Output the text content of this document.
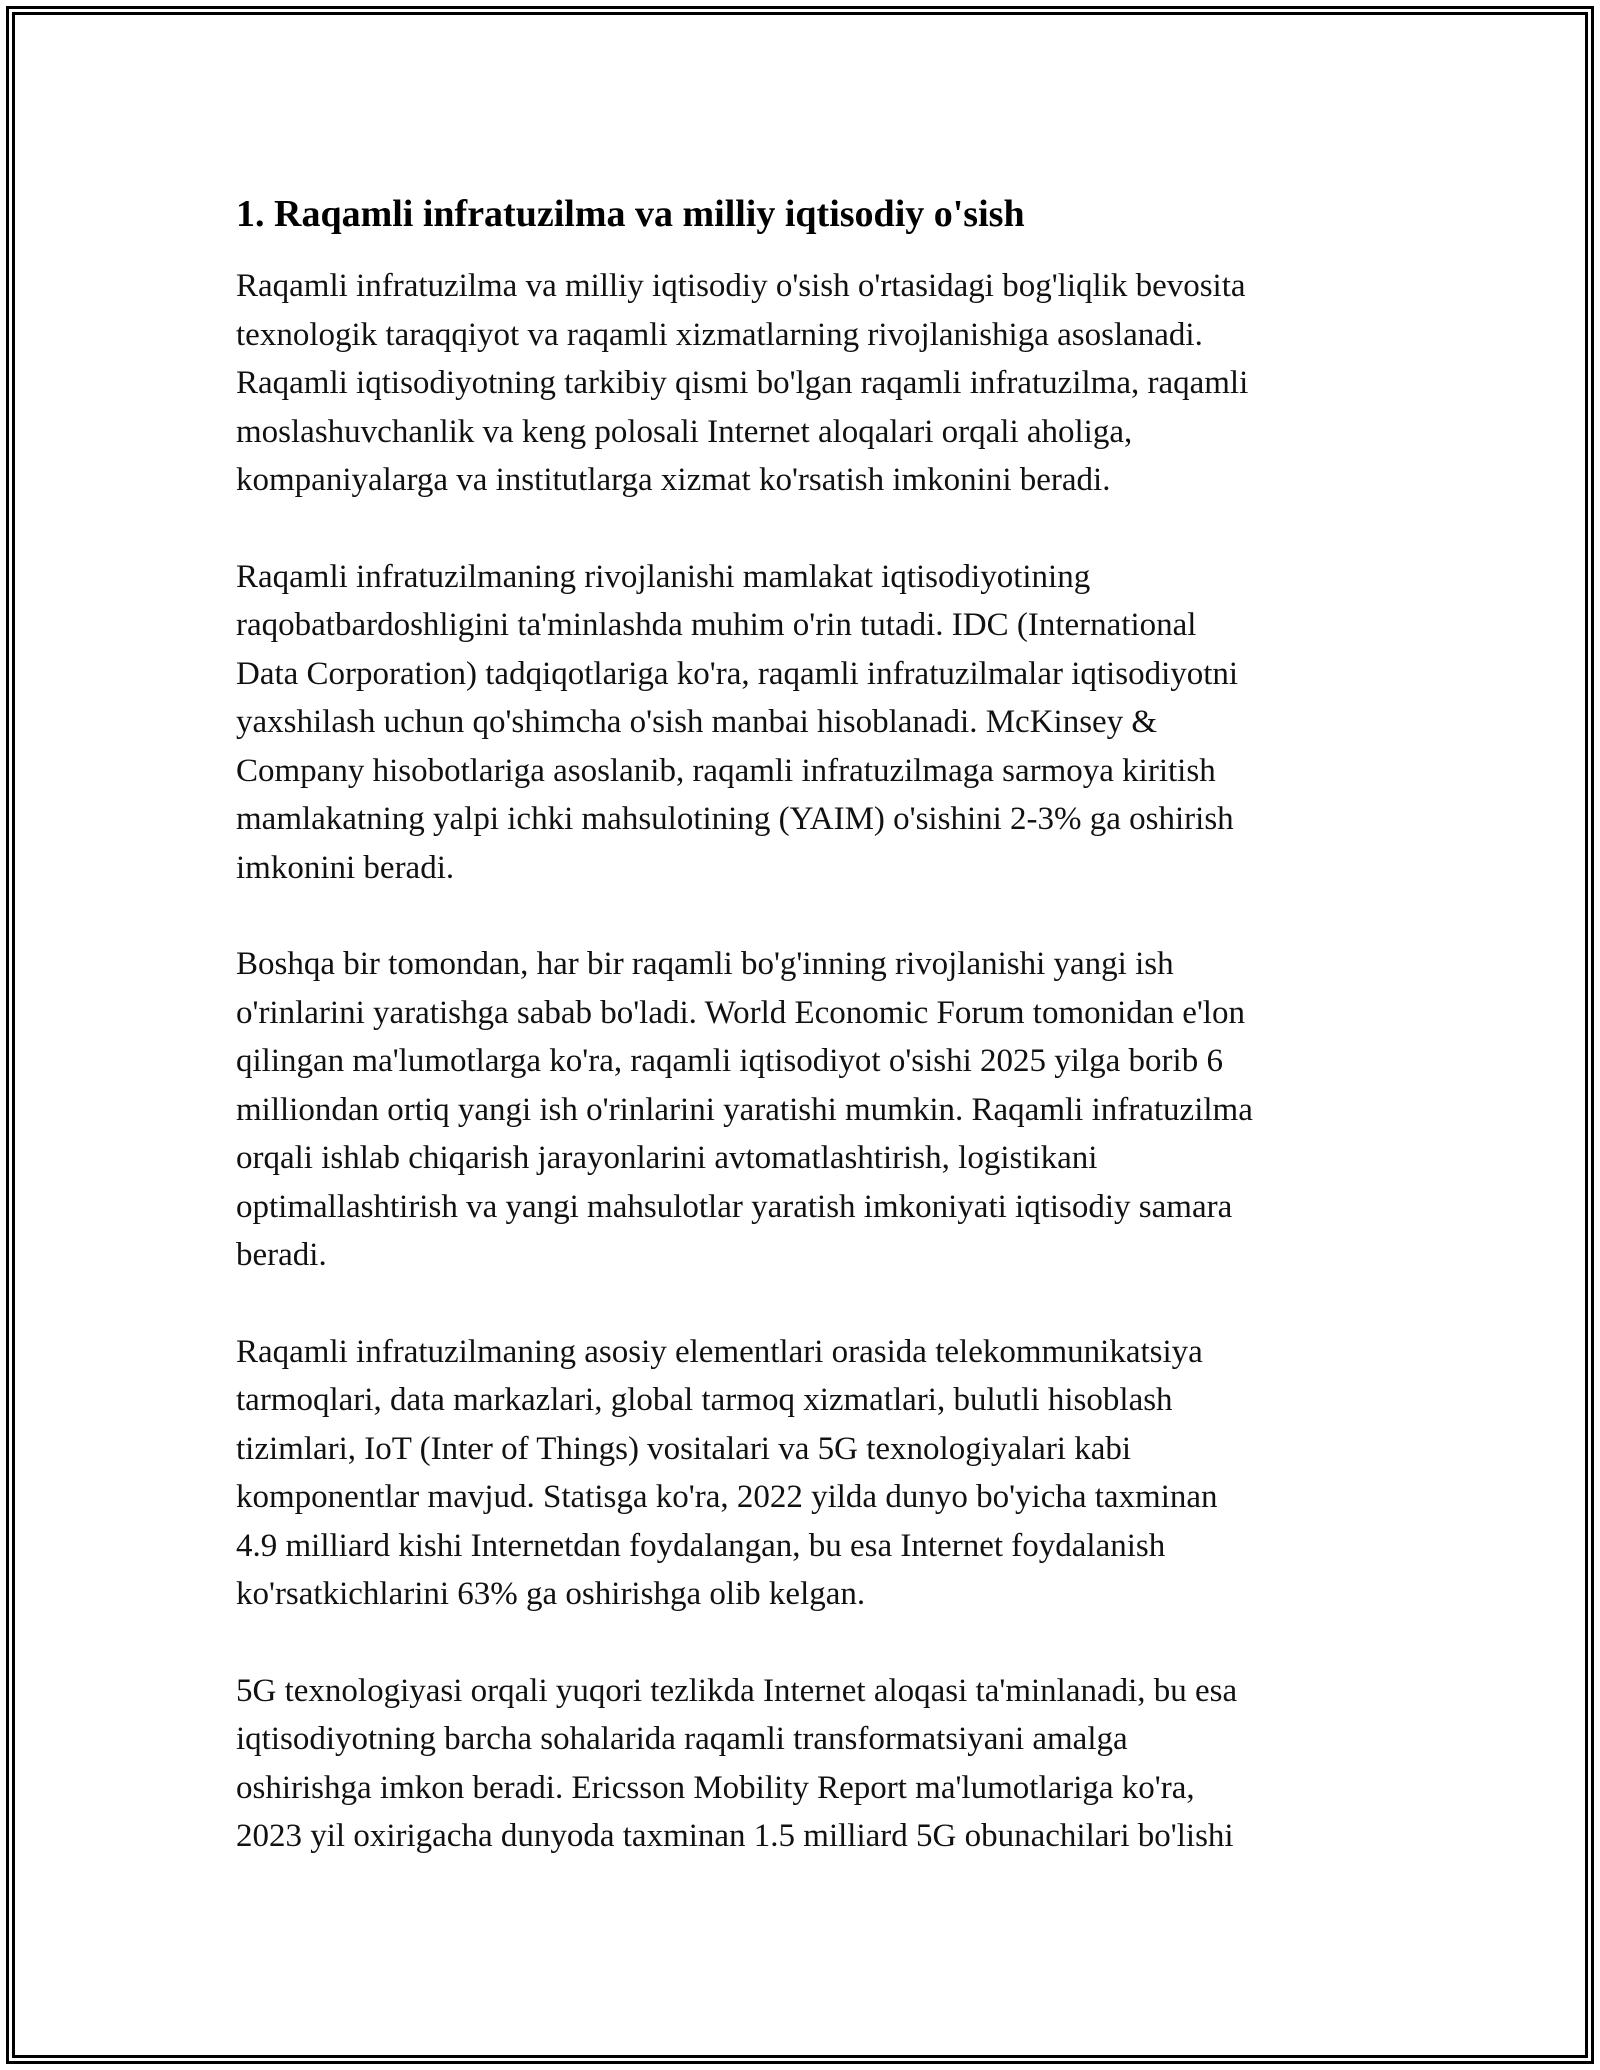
1. Raqamli infratuzilma va milliy iqtisodiy o'sish

Raqamli infratuzilma va milliy iqtisodiy o'sish o'rtasidagi bog'liqlik bevosita
texnologik taraqqiyot va raqamli xizmatlarning rivojlanishiga asoslanadi.
Raqamli iqtisodiyotning tarkibiy qismi bo'lgan raqamli infratuzilma, raqamli
moslashuvchanlik va keng polosali Internet aloqalari orqali aholiga,
kompaniyalarga va institutlarga xizmat ko'rsatish imkonini beradi.

Raqamli infratuzilmaning rivojlanishi mamlakat iqtisodiyotining
raqobatbardoshligini ta'minlashda muhim o'rin tutadi. IDC (International
Data Corporation) tadqiqotlariga ko'ra, raqamli infratuzilmalar iqtisodiyotni
yaxshilash uchun qo'shimcha o'sish manbai hisoblanadi. McKinsey &
Company hisobotlariga asoslanib, raqamli infratuzilmaga sarmoya kiritish
mamlakatning yalpi ichki mahsulotining (YAIM) o'sishini 2-3% ga oshirish
imkonini beradi.

Boshqa bir tomondan, har bir raqamli bo'g'inning rivojlanishi yangi ish
o'rinlarini yaratishga sabab bo'ladi. World Economic Forum tomonidan e'lon
qilingan ma'lumotlarga ko'ra, raqamli iqtisodiyot o'sishi 2025 yilga borib 6
milliondan ortiq yangi ish o'rinlarini yaratishi mumkin. Raqamli infratuzilma
orqali ishlab chiqarish jarayonlarini avtomatlashtirish, logistikani
optimallashtirish va yangi mahsulotlar yaratish imkoniyati iqtisodiy samara
beradi.

Raqamli infratuzilmaning asosiy elementlari orasida telekommunikatsiya
tarmoqlari, data markazlari, global tarmoq xizmatlari, bulutli hisoblash
tizimlari, IoT (Inter of Things) vositalari va 5G texnologiyalari kabi
komponentlar mavjud. Statisga ko'ra, 2022 yilda dunyo bo'yicha taxminan
4.9 milliard kishi Internetdan foydalangan, bu esa Internet foydalanish
ko'rsatkichlarini 63% ga oshirishga olib kelgan.

5G texnologiyasi orqali yuqori tezlikda Internet aloqasi ta'minlanadi, bu esa
iqtisodiyotning barcha sohalarida raqamli transformatsiyani amalga
oshirishga imkon beradi. Ericsson Mobility Report ma'lumotlariga ko'ra,
2023 yil oxirigacha dunyoda taxminan 1.5 milliard 5G obunachilari bo'lishi
